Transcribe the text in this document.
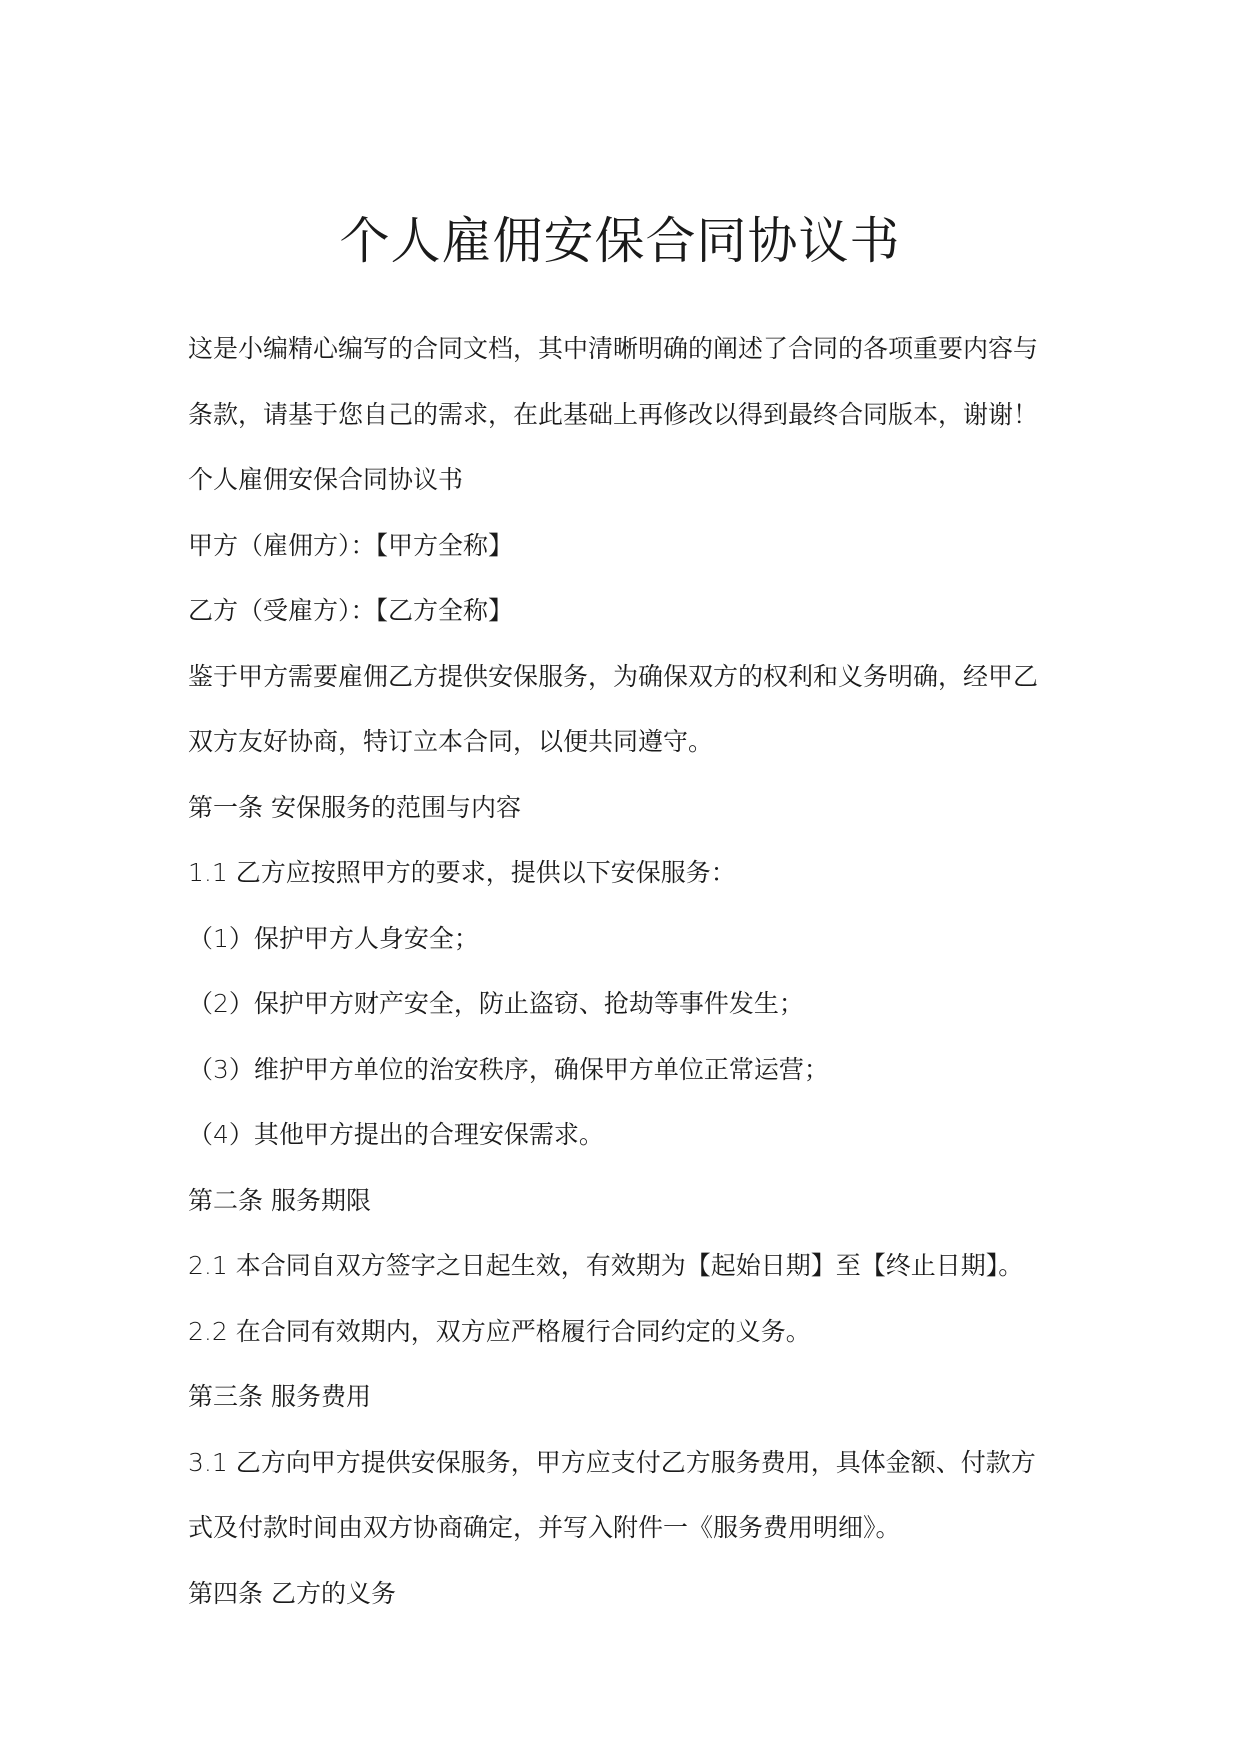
个人雇佣安保合同协议书

这是小编精心编写的合同文档，其中清晰明确的阐述了合同的各项重要内容与

条款，请基于您自己的需求，在此基础上再修改以得到最终合同版本，谢谢！

个人雇佣安保合同协议书

甲方（雇佣方）：【甲方全称】

乙方（受雇方）：【乙方全称】

鉴于甲方需要雇佣乙方提供安保服务，为确保双方的权利和义务明确，经甲乙

双方友好协商，特订立本合同，以便共同遵守。

第一条 安保服务的范围与内容

1.1 乙方应按照甲方的要求，提供以下安保服务：

（1）保护甲方人身安全；

（2）保护甲方财产安全，防止盗窃、抢劫等事件发生；

（3）维护甲方单位的治安秩序，确保甲方单位正常运营；

（4）其他甲方提出的合理安保需求。

第二条 服务期限

2.1 本合同自双方签字之日起生效，有效期为【起始日期】至【终止日期】。

2.2 在合同有效期内，双方应严格履行合同约定的义务。

第三条 服务费用

3.1 乙方向甲方提供安保服务，甲方应支付乙方服务费用，具体金额、付款方

式及付款时间由双方协商确定，并写入附件一《服务费用明细》。

第四条 乙方的义务
